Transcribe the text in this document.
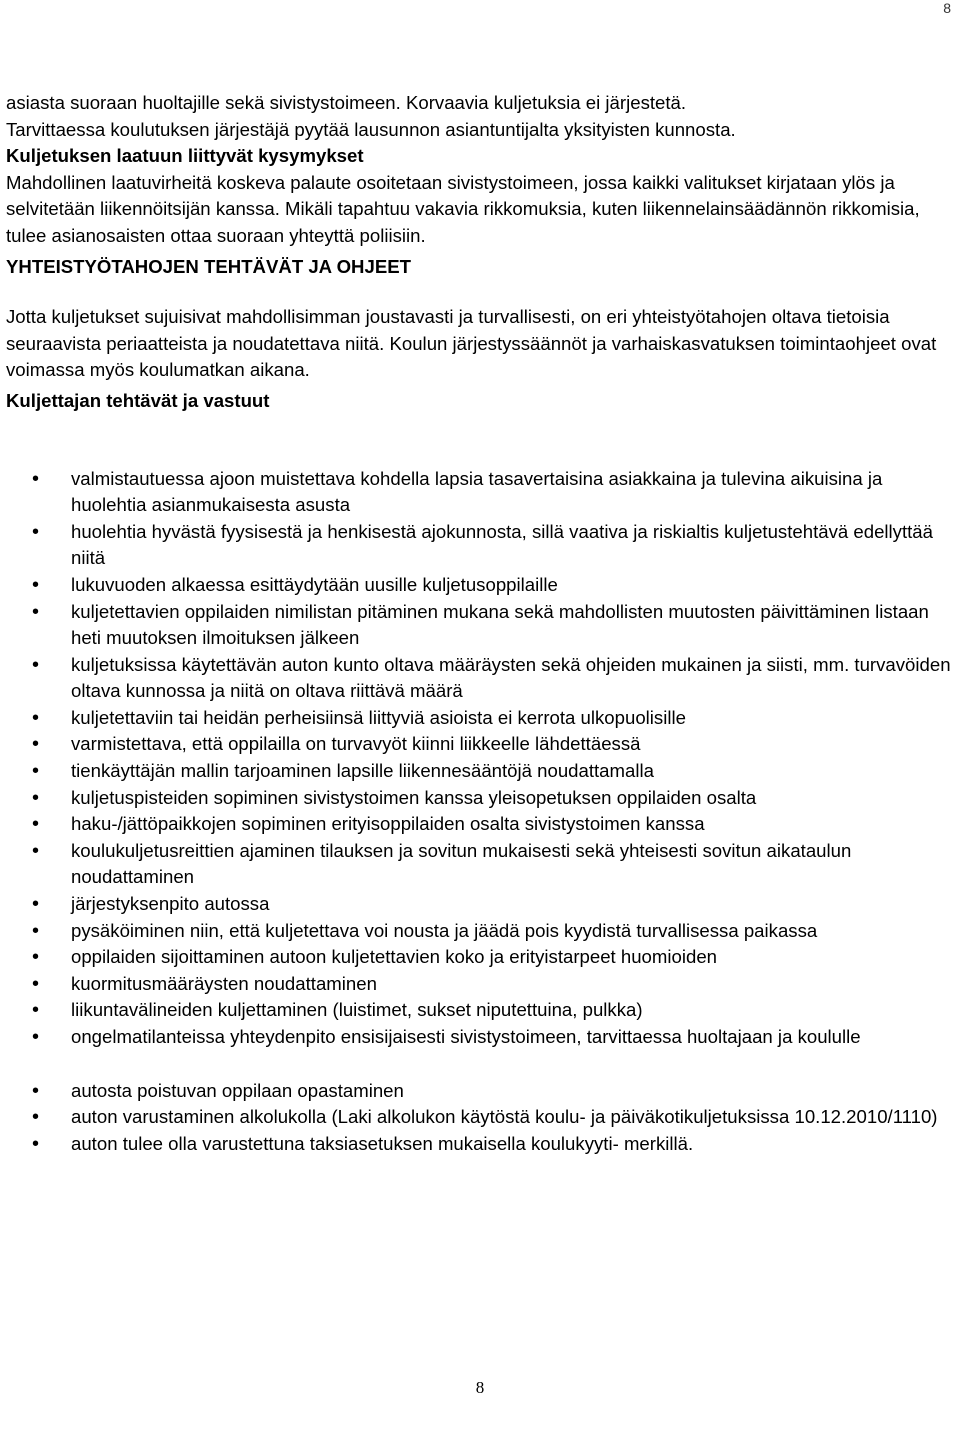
8

asiasta suoraan huoltajille sekä sivistystoimeen. Korvaavia kuljetuksia ei järjestetä.

Tarvittaessa koulutuksen järjestäjä pyytää lausunnon asiantuntijalta yksityisten kunnosta.

Kuljetuksen laatuun liittyvät kysymykset

Mahdollinen laatuvirheitä koskeva palaute osoitetaan sivistystoimeen, jossa kaikki valitukset kirjataan ylös ja selvitetään liikennöitsijän kanssa. Mikäli tapahtuu vakavia rikkomuksia, kuten liikennelainsäädännön rikkomisia, tulee asianosaisten ottaa suoraan yhteyttä poliisiin.

YHTEISTYÖTAHOJEN TEHTÄVÄT JA OHJEET

Jotta kuljetukset sujuisivat mahdollisimman joustavasti ja turvallisesti, on eri yhteistyötahojen oltava tietoisia seuraavista periaatteista ja noudatettava niitä. Koulun järjestyssäännöt ja varhaiskasvatuksen toimintaohjeet ovat voimassa myös koulumatkan aikana.

Kuljettajan tehtävät ja vastuut

• valmistautuessa ajoon muistettava kohdella lapsia tasavertaisina asiakkaina ja tulevina aikuisina ja huolehtia asianmukaisesta asusta
• huolehtia hyvästä fyysisestä ja henkisestä ajokunnosta, sillä vaativa ja riskialtis kuljetustehtävä edellyttää niitä
• lukuvuoden alkaessa esittäydytään uusille kuljetusoppilaille
• kuljetettavien oppilaiden nimilistan pitäminen mukana sekä mahdollisten muutosten päivittäminen listaan heti muutoksen ilmoituksen jälkeen
• kuljetuksissa käytettävän auton kunto oltava määräysten sekä ohjeiden mukainen ja siisti, mm. turvavöiden oltava kunnossa ja niitä on oltava riittävä määrä
• kuljetettaviin tai heidän perheisiinsä liittyviä asioista ei kerrota ulkopuolisille
• varmistettava, että oppilailla on turvavyöt kiinni liikkeelle lähdettäessä
• tienkäyttäjän mallin tarjoaminen lapsille liikennesääntöjä noudattamalla
• kuljetuspisteiden sopiminen sivistystoimen kanssa yleisopetuksen oppilaiden osalta
• haku-/jättöpaikkojen sopiminen erityisoppilaiden osalta sivistystoimen kanssa
• koulukuljetusreittien ajaminen tilauksen ja sovitun mukaisesti sekä yhteisesti sovitun aikataulun noudattaminen
• järjestyksenpito autossa
• pysäköiminen niin, että kuljetettava voi nousta ja jäädä pois kyydistä turvallisessa paikassa
• oppilaiden sijoittaminen autoon kuljetettavien koko ja erityistarpeet huomioiden
• kuormitusmääräysten noudattaminen
• liikuntavälineiden kuljettaminen (luistimet, sukset niputettuina, pulkka)
• ongelmatilanteissa yhteydenpito ensisijaisesti sivistystoimeen, tarvittaessa huoltajaan ja koululle
• autosta poistuvan oppilaan opastaminen
• auton varustaminen alkolukolla (Laki alkolukon käytöstä koulu- ja päiväkotikuljetuksissa 10.12.2010/1110)
• auton tulee olla varustettuna taksiasetuksen mukaisella koulukyyti- merkillä.
8
